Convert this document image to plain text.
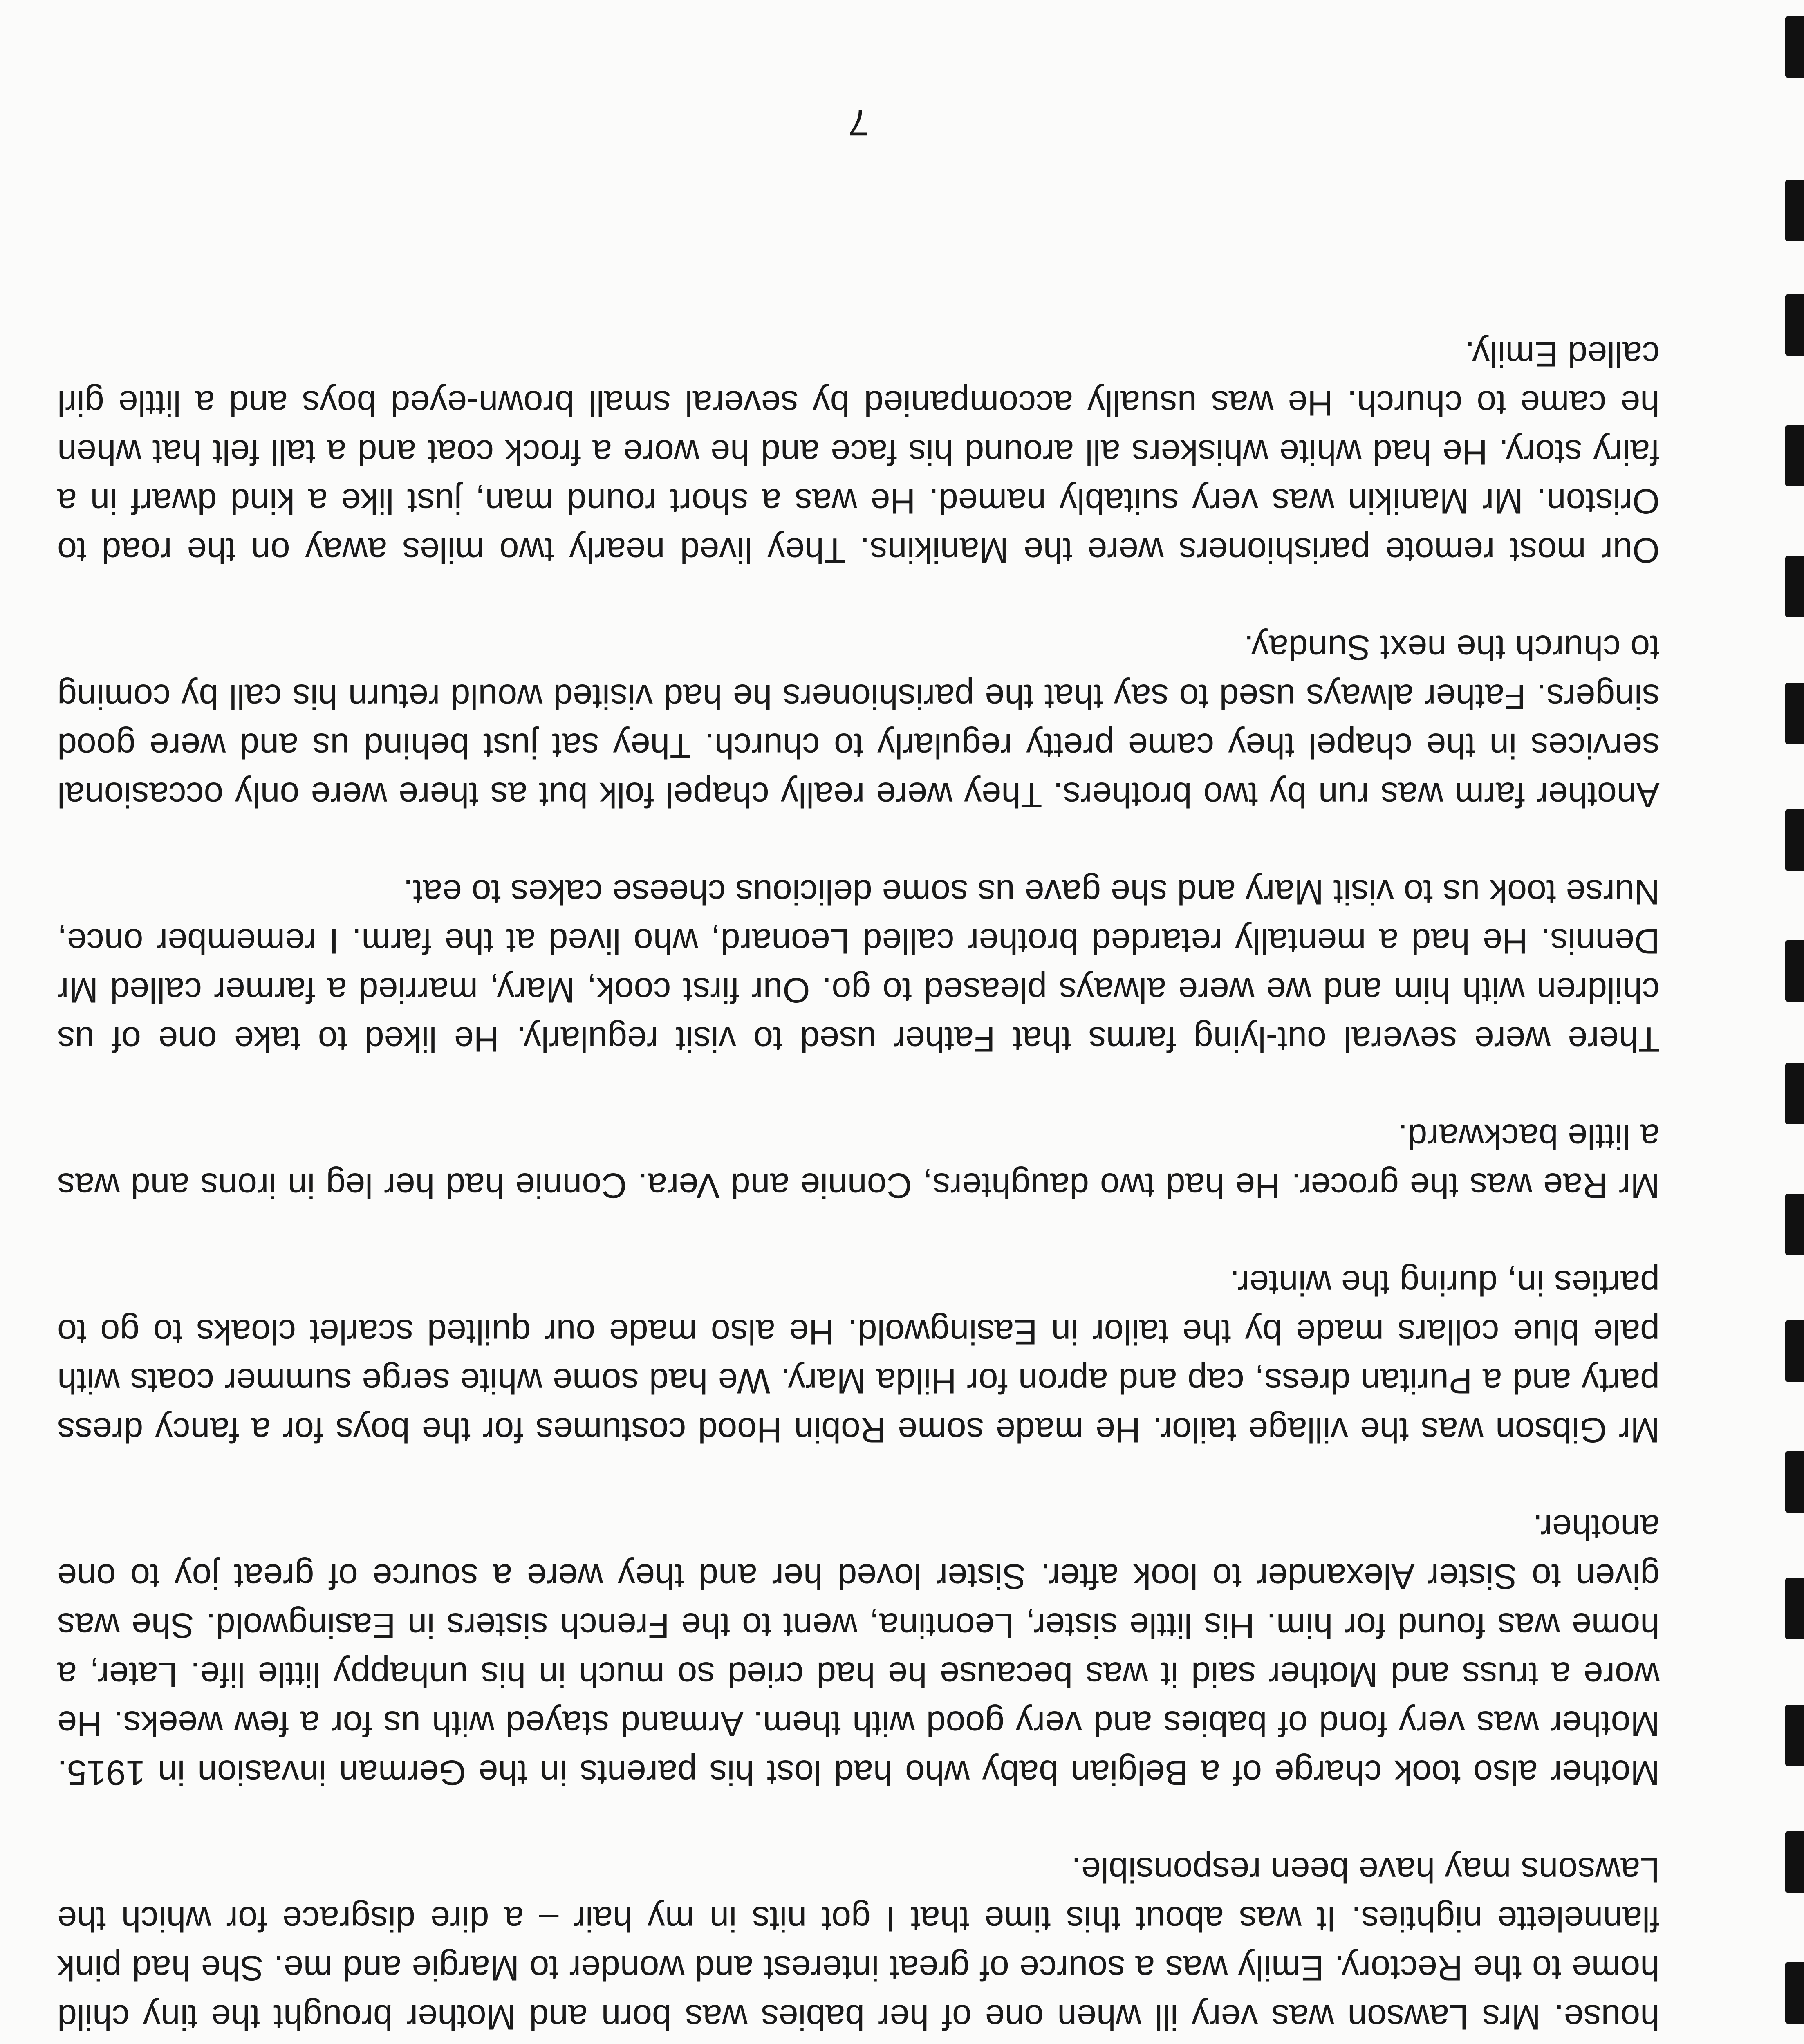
house. Mrs Lawson was very ill when one of her babies was born and Mother brought the tiny child home to the Rectory. Emily was a source of great interest and wonder to Margie and me. She had pink flannelette nighties. It was about this time that I got nits in my hair – a dire disgrace for which the Lawsons may have been responsible.

Mother also took charge of a Belgian baby who had lost his parents in the German invasion in 1915. Mother was very fond of babies and very good with them. Armand stayed with us for a few weeks. He wore a truss and Mother said it was because he had cried so much in his unhappy little life. Later, a home was found for him. His little sister, Leontina, went to the French sisters in Easingwold. She was given to Sister Alexander to look after. Sister loved her and they were a source of great joy to one another.

Mr Gibson was the village tailor. He made some Robin Hood costumes for the boys for a fancy dress party and a Puritan dress, cap and apron for Hilda Mary. We had some white serge summer coats with pale blue collars made by the tailor in Easingwold. He also made our quilted scarlet cloaks to go to parties in, during the winter.

Mr Rae was the grocer. He had two daughters, Connie and Vera. Connie had her leg in irons and was a little backward.

There were several out-lying farms that Father used to visit regularly. He liked to take one of us children with him and we were always pleased to go. Our first cook, Mary, married a farmer called Mr Dennis. He had a mentally retarded brother called Leonard, who lived at the farm. I remember once, Nurse took us to visit Mary and she gave us some delicious cheese cakes to eat.

Another farm was run by two brothers. They were really chapel folk but as there were only occasional services in the chapel they came pretty regularly to church. They sat just behind us and were good singers. Father always used to say that the parishioners he had visited would return his call by coming to church the next Sunday.

Our most remote parishioners were the Manikins. They lived nearly two miles away on the road to Oriston. Mr Manikin was very suitably named. He was a short round man, just like a kind dwarf in a fairy story. He had white whiskers all around his face and he wore a frock coat and a tall felt hat when he came to church. He was usually accompanied by several small brown-eyed boys and a little girl called Emily.

7
